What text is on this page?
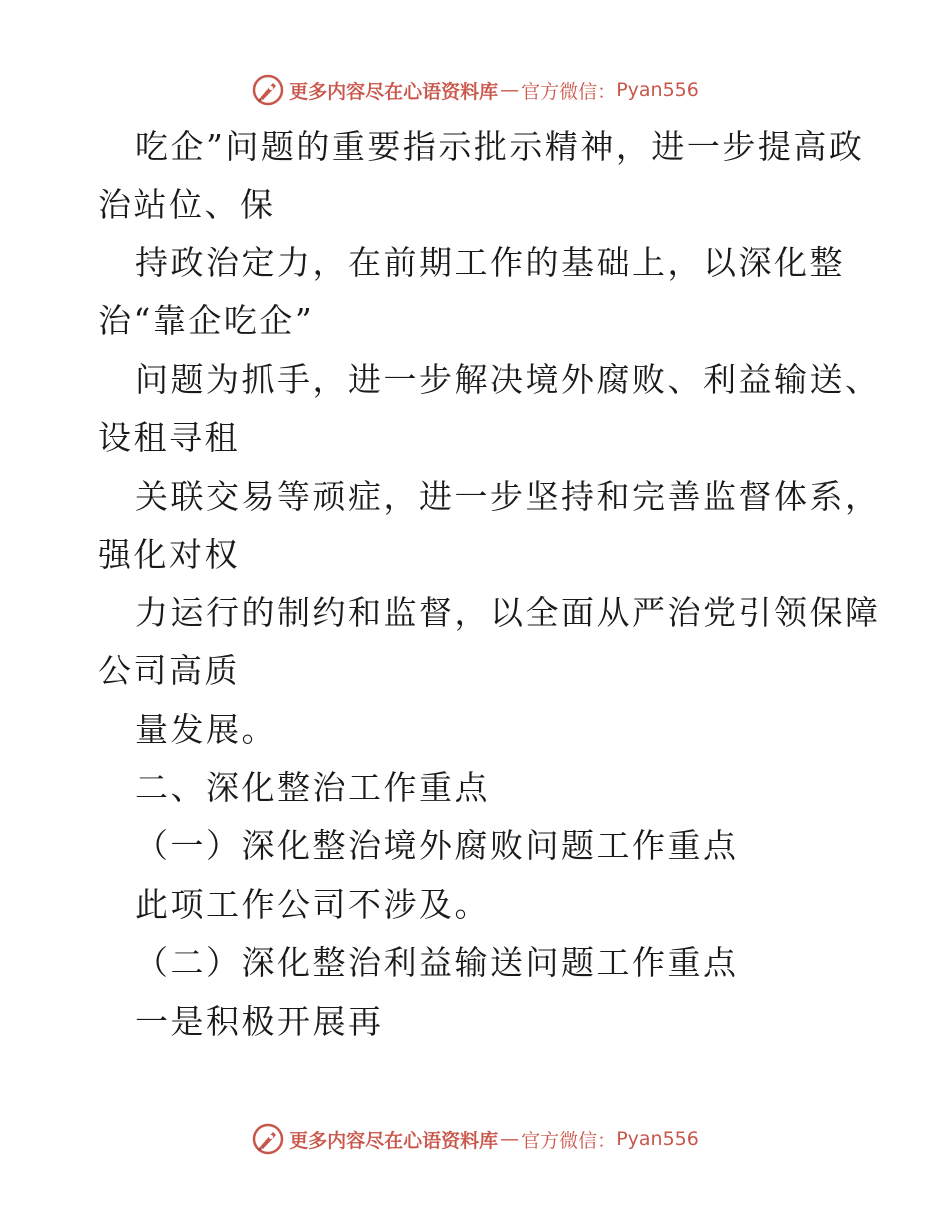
更多内容尽在心语资料库 — 官方微信： Pyan556
吃企”问题的重要指示批示精神，进一步提高政
治站位、保
持政治定力，在前期工作的基础上，以深化整
治“靠企吃企”
问题为抓手，进一步解决境外腐败、利益输送、
设租寻租
关联交易等顽症，进一步坚持和完善监督体系，
强化对权
力运行的制约和监督，以全面从严治党引领保障
公司高质
量发展。
二、深化整治工作重点
（一）深化整治境外腐败问题工作重点
此项工作公司不涉及。
（二）深化整治利益输送问题工作重点
一是积极开展再
更多内容尽在心语资料库 — 官方微信： Pyan556
